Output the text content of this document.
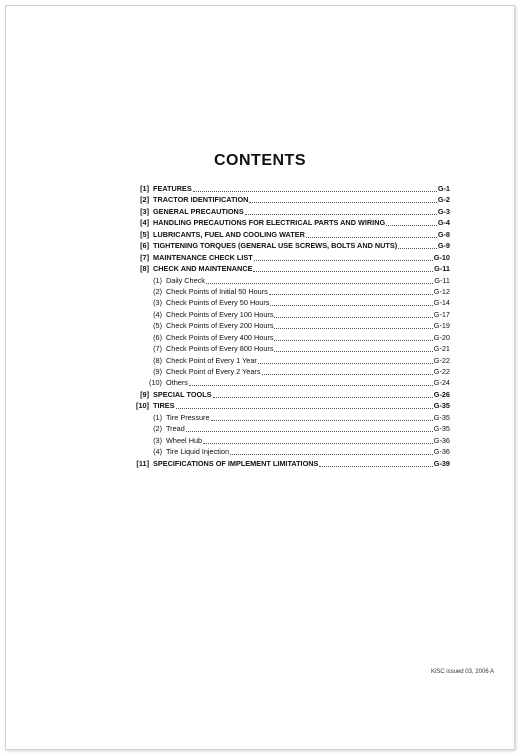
CONTENTS
[1] FEATURES	G-1
[2] TRACTOR IDENTIFICATION	G-2
[3] GENERAL PRECAUTIONS	G-3
[4] HANDLING PRECAUTIONS FOR ELECTRICAL PARTS AND WIRING	G-4
[5] LUBRICANTS, FUEL AND COOLING WATER	G-8
[6] TIGHTENING TORQUES (GENERAL USE SCREWS, BOLTS AND NUTS)	G-9
[7] MAINTENANCE CHECK LIST	G-10
[8] CHECK AND MAINTENANCE	G-11
(1) Daily Check	G-11
(2) Check Points of Initial 50 Hours	G-12
(3) Check Points of Every 50 Hours	G-14
(4) Check Points of Every 100 Hours	G-17
(5) Check Points of Every 200 Hours	G-19
(6) Check Points of Every 400 Hours	G-20
(7) Check Points of Every 800 Hours	G-21
(8) Check Point of Every 1 Year	G-22
(9) Check Point of Every 2 Years	G-22
(10) Others	G-24
[9] SPECIAL TOOLS	G-26
[10] TIRES	G-35
(1) Tire Pressure	G-35
(2) Tread	G-35
(3) Wheel Hub	G-36
(4) Tire Liquid Injection	G-36
[11] SPECIFICATIONS OF IMPLEMENT LIMITATIONS	G-39
KiSC issued 03, 2006 A
